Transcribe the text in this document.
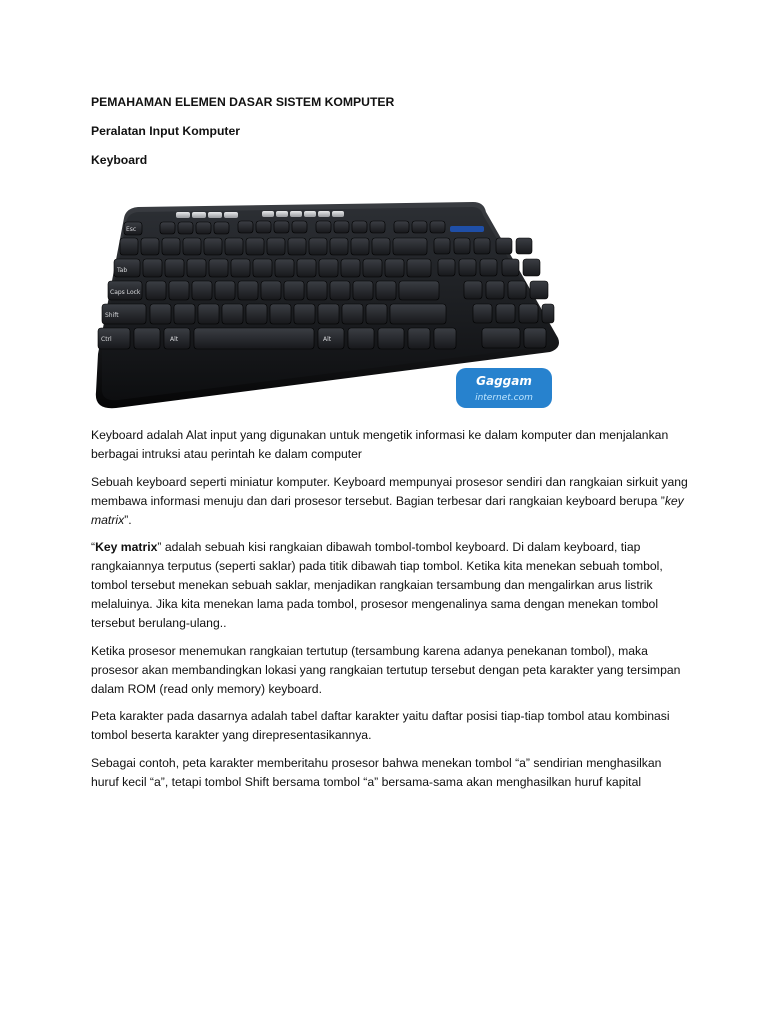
PEMAHAMAN ELEMEN DASAR SISTEM KOMPUTER
Peralatan Input Komputer
Keyboard
Esc
Tab
Caps Lock
Shift
Ctrl	Alt	Alt
Gaggam
internet.com

Keyboard adalah Alat input yang digunakan untuk mengetik informasi ke dalam komputer dan menjalankan berbagai intruksi atau perintah ke dalam computer

Sebuah keyboard seperti miniatur komputer. Keyboard mempunyai prosesor sendiri dan rangkaian sirkuit yang membawa informasi menuju dan dari prosesor tersebut. Bagian terbesar dari rangkaian keyboard berupa ”key matrix”.

“Key matrix” adalah sebuah kisi rangkaian dibawah tombol-tombol keyboard. Di dalam keyboard, tiap rangkaiannya terputus (seperti saklar) pada titik dibawah tiap tombol. Ketika kita menekan sebuah tombol, tombol tersebut menekan sebuah saklar, menjadikan rangkaian tersambung dan mengalirkan arus listrik melaluinya. Jika kita menekan lama pada tombol, prosesor mengenalinya sama dengan menekan tombol tersebut berulang-ulang..

Ketika prosesor menemukan rangkaian tertutup (tersambung karena adanya penekanan tombol), maka prosesor akan membandingkan lokasi yang rangkaian tertutup tersebut dengan peta karakter yang tersimpan dalam ROM (read only memory) keyboard.

Peta karakter pada dasarnya adalah tabel daftar karakter yaitu daftar posisi tiap-tiap tombol atau kombinasi tombol beserta karakter yang direpresentasikannya.

Sebagai contoh, peta karakter memberitahu prosesor bahwa menekan tombol “a” sendirian menghasilkan huruf kecil “a”, tetapi tombol Shift bersama tombol “a” bersama-sama akan menghasilkan huruf kapital
